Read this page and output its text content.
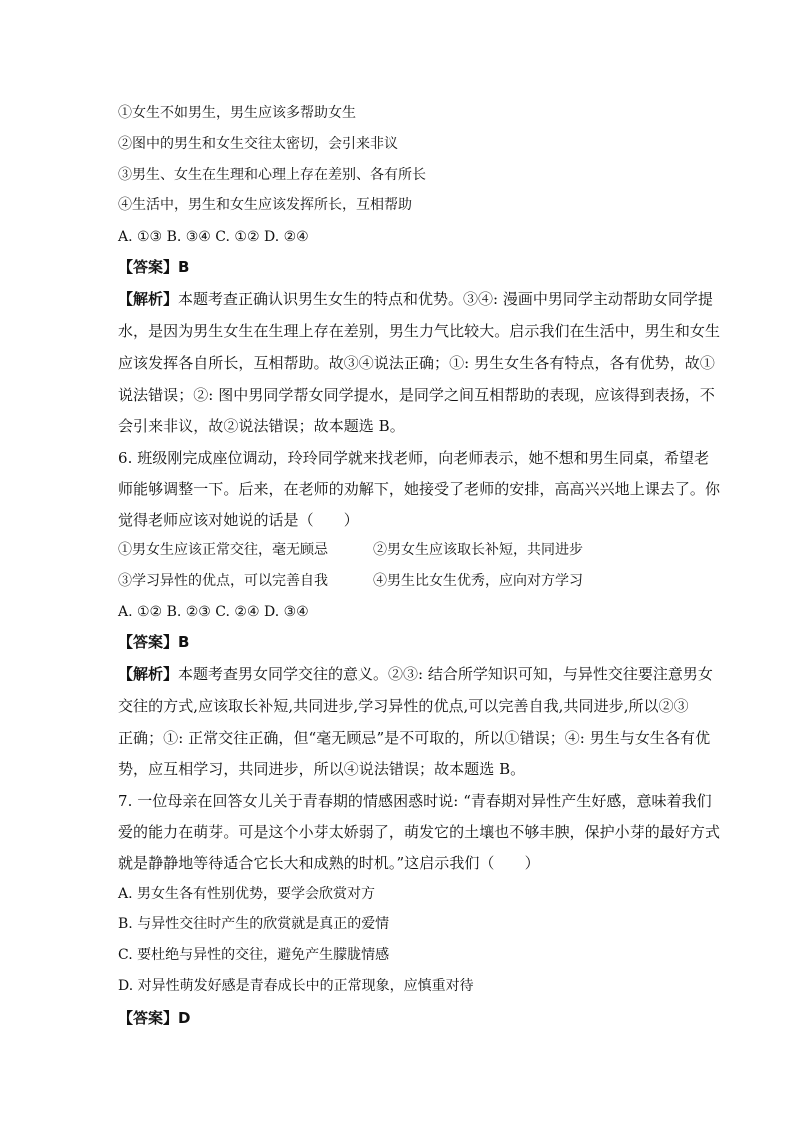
①女生不如男生，男生应该多帮助女生
②图中的男生和女生交往太密切，会引来非议
③男生、女生在生理和心理上存在差别、各有所长
④生活中，男生和女生应该发挥所长，互相帮助
A. ①③ B. ③④ C. ①② D. ②④
【答案】B
【解析】本题考查正确认识男生女生的特点和优势。③④: 漫画中男同学主动帮助女同学提
水，是因为男生女生在生理上存在差别，男生力气比较大。启示我们在生活中，男生和女生
应该发挥各自所长，互相帮助。故③④说法正确；①: 男生女生各有特点，各有优势，故①
说法错误；②: 图中男同学帮女同学提水，是同学之间互相帮助的表现，应该得到表扬，不
会引来非议，故②说法错误；故本题选 B。
6. 班级刚完成座位调动，玲玲同学就来找老师，向老师表示，她不想和男生同桌，希望老
师能够调整一下。后来，在老师的劝解下，她接受了老师的安排，高高兴兴地上课去了。你
觉得老师应该对她说的话是（　　）
①男女生应该正常交往，毫无顾忌	②男女生应该取长补短，共同进步
③学习异性的优点，可以完善自我	④男生比女生优秀，应向对方学习
A. ①② B. ②③ C. ②④ D. ③④
【答案】B
【解析】本题考查男女同学交往的意义。②③: 结合所学知识可知，与异性交往要注意男女
交往的方式,应该取长补短,共同进步,学习异性的优点,可以完善自我,共同进步,所以②③
正确；①: 正常交往正确，但“毫无顾忌”是不可取的，所以①错误；④: 男生与女生各有优
势，应互相学习，共同进步，所以④说法错误；故本题选 B。
7. 一位母亲在回答女儿关于青春期的情感困惑时说: “青春期对异性产生好感，意味着我们
爱的能力在萌芽。可是这个小芽太娇弱了，萌发它的土壤也不够丰腴，保护小芽的最好方式
就是静静地等待适合它长大和成熟的时机。”这启示我们（　　）
A. 男女生各有性别优势，要学会欣赏对方
B. 与异性交往时产生的欣赏就是真正的爱情
C. 要杜绝与异性的交往，避免产生朦胧情感
D. 对异性萌发好感是青春成长中的正常现象，应慎重对待
【答案】D
